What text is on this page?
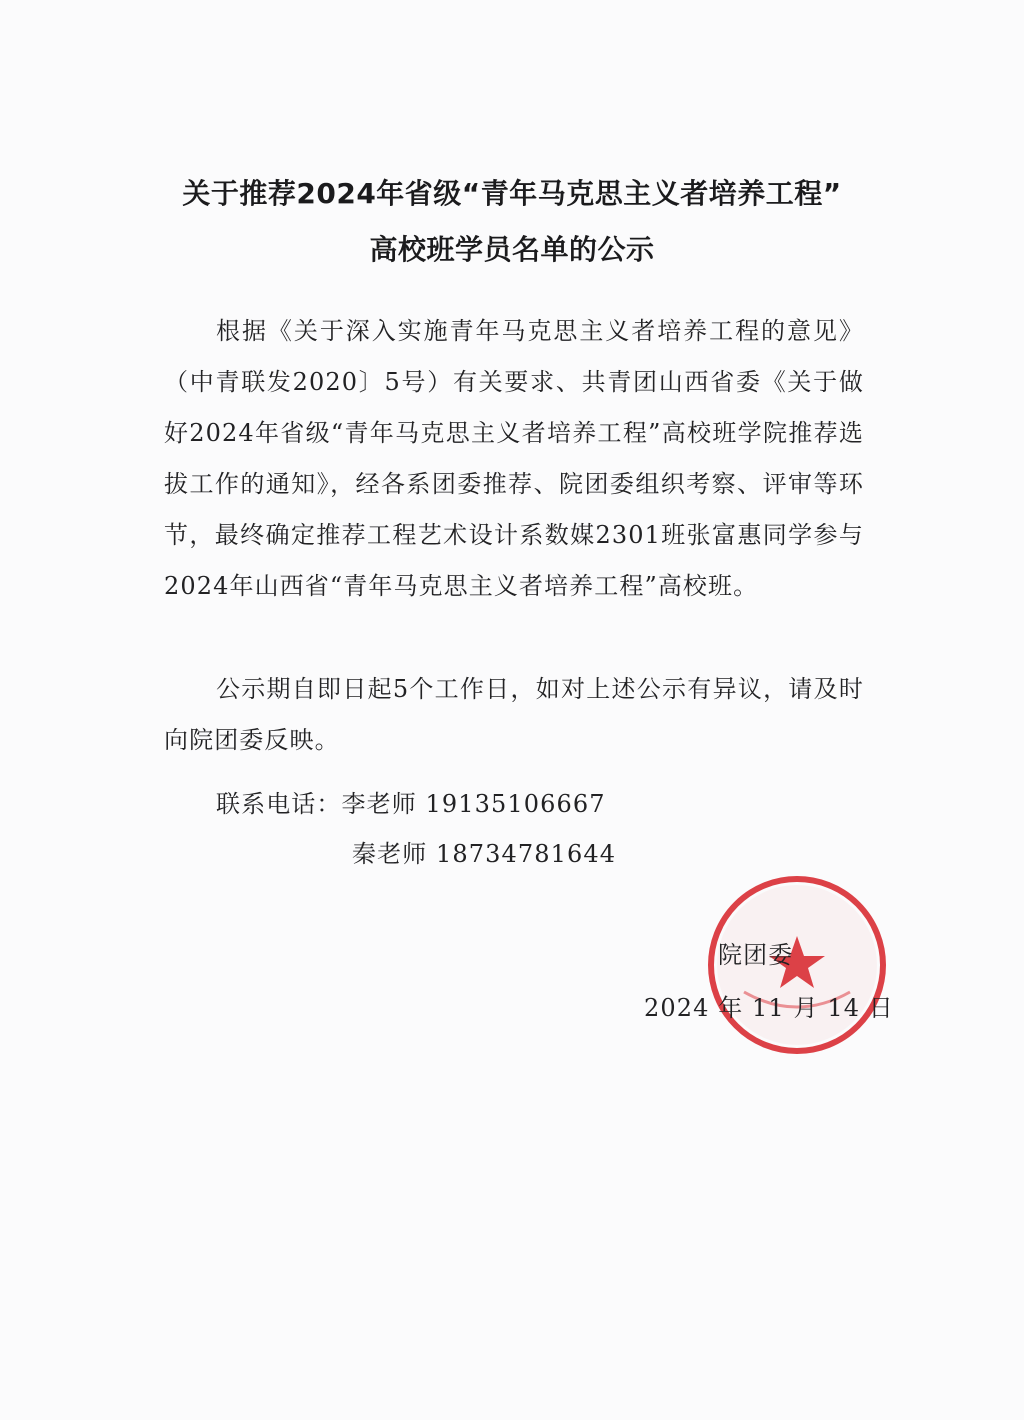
关于推荐2024年省级“青年马克思主义者培养工程”
高校班学员名单的公示
根据《关于深入实施青年马克思主义者培养工程的意见》（中青联发2020〕5号）有关要求、共青团山西省委《关于做好2024年省级“青年马克思主义者培养工程”高校班学院推荐选拔工作的通知》，经各系团委推荐、院团委组织考察、评审等环节，最终确定推荐工程艺术设计系数媒2301班张富惠同学参与2024年山西省“青年马克思主义者培养工程”高校班。
公示期自即日起5个工作日，如对上述公示有异议，请及时向院团委反映。
联系电话：李老师 19135106667
秦老师 18734781644
院团委
2024 年 11 月 14 日
